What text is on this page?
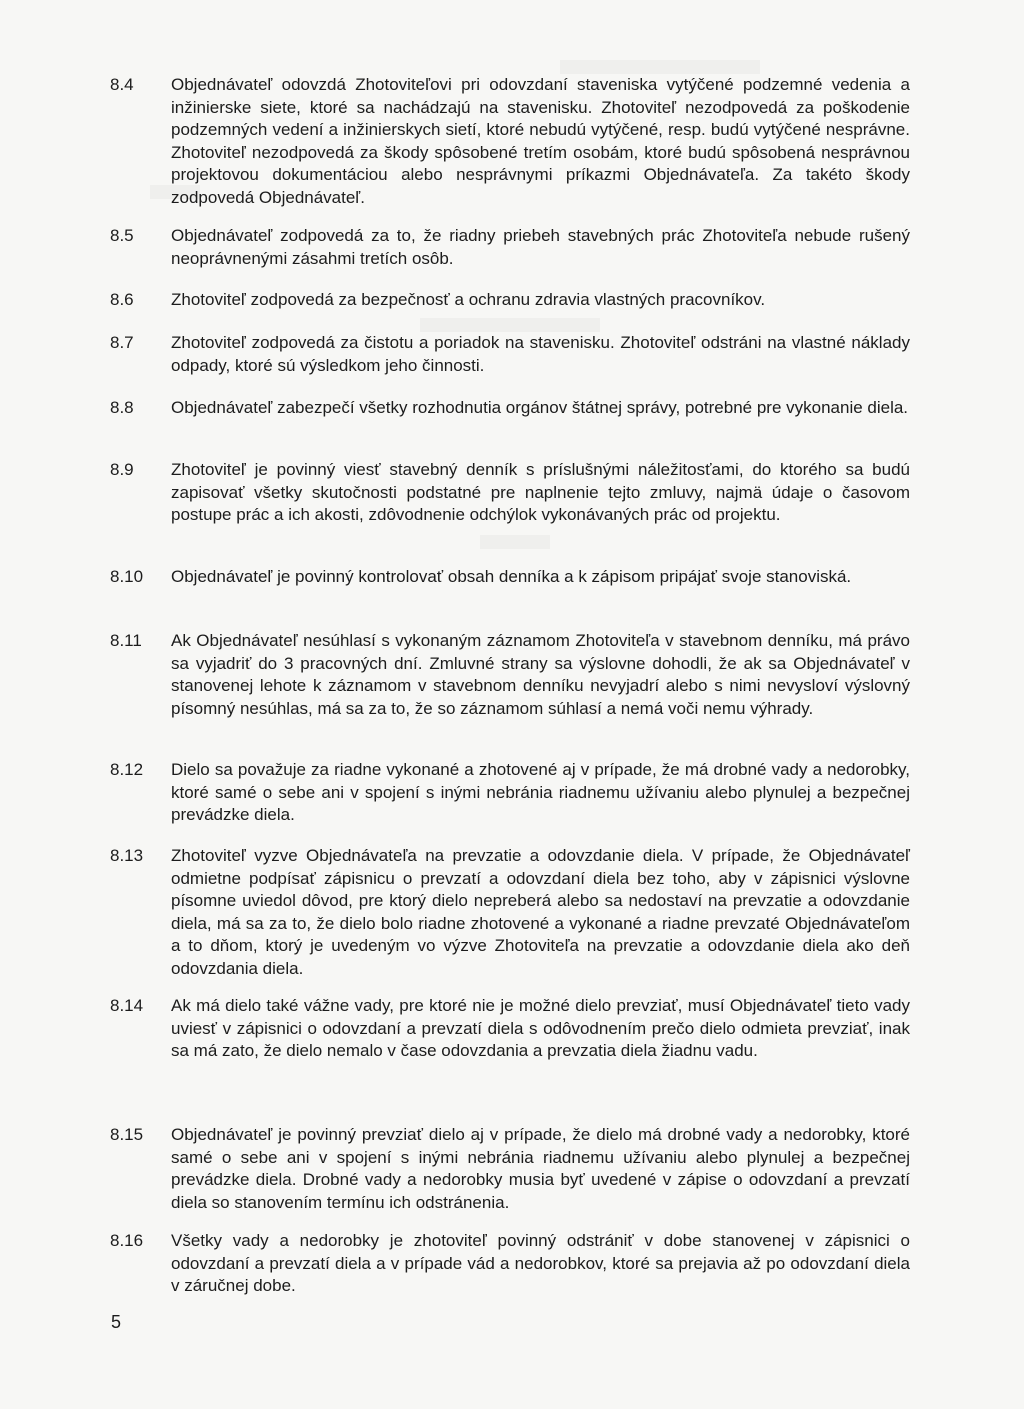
8.4	Objednávateľ odovzdá Zhotoviteľovi pri odovzdaní staveniska vytýčené podzemné vedenia a inžinierske siete, ktoré sa nachádzajú na stavenisku. Zhotoviteľ nezodpovedá za poškodenie podzemných vedení a inžinierskych sietí, ktoré nebudú vytýčené, resp. budú vytýčené nesprávne. Zhotoviteľ nezodpovedá za škody spôsobené tretím osobám, ktoré budú spôsobená nesprávnou projektovou dokumentáciou alebo nesprávnymi príkazmi Objednávateľa. Za takéto škody zodpovedá Objednávateľ.
8.5	Objednávateľ zodpovedá za to, že riadny priebeh stavebných prác Zhotoviteľa nebude rušený neoprávnenými zásahmi tretích osôb.
8.6	Zhotoviteľ zodpovedá za bezpečnosť a ochranu zdravia vlastných pracovníkov.
8.7	Zhotoviteľ zodpovedá za čistotu a poriadok na stavenisku. Zhotoviteľ odstráni na vlastné náklady odpady, ktoré sú výsledkom jeho činnosti.
8.8	Objednávateľ zabezpečí všetky rozhodnutia orgánov štátnej správy, potrebné pre vykonanie diela.
8.9	Zhotoviteľ je povinný viesť stavebný denník s príslušnými náležitosťami, do ktorého sa budú zapisovať všetky skutočnosti podstatné pre naplnenie tejto zmluvy, najmä údaje o časovom postupe prác a ich akosti, zdôvodnenie odchýlok vykonávaných prác od projektu.
8.10	Objednávateľ je povinný kontrolovať obsah denníka a k zápisom pripájať svoje stanoviská.
8.11	Ak Objednávateľ nesúhlasí s vykonaným záznamom Zhotoviteľa v stavebnom denníku, má právo sa vyjadriť do 3 pracovných dní. Zmluvné strany sa výslovne dohodli, že ak sa Objednávateľ v stanovenej lehote k záznamom v stavebnom denníku nevyjadrí alebo s nimi nevysloví výslovný písomný nesúhlas, má sa za to, že so záznamom súhlasí a nemá voči nemu výhrady.
8.12	Dielo sa považuje za riadne vykonané a zhotovené aj v prípade, že má drobné vady a nedorobky, ktoré samé o sebe ani v spojení s inými nebránia riadnemu užívaniu alebo plynulej a bezpečnej prevádzke diela.
8.13	Zhotoviteľ vyzve Objednávateľa na prevzatie a odovzdanie diela. V prípade, že Objednávateľ odmietne podpísať zápisnicu o prevzatí a odovzdaní diela bez toho, aby v zápisnici výslovne písomne uviedol dôvod, pre ktorý dielo nepreberá alebo sa nedostaví na prevzatie a odovzdanie diela, má sa za to, že dielo bolo riadne zhotovené a vykonané a riadne prevzaté Objednávateľom a to dňom, ktorý je uvedeným vo výzve Zhotoviteľa na prevzatie a odovzdanie diela ako deň odovzdania diela.
8.14	Ak má dielo také vážne vady, pre ktoré nie je možné dielo prevziať, musí Objednávateľ tieto vady uviesť v zápisnici o odovzdaní a prevzatí diela s odôvodnením prečo dielo odmieta prevziať, inak sa má zato, že dielo nemalo v čase odovzdania a prevzatia diela žiadnu vadu.
8.15	Objednávateľ je povinný prevziať dielo aj v prípade, že dielo má drobné vady a nedorobky, ktoré samé o sebe ani v spojení s inými nebránia riadnemu užívaniu alebo plynulej a bezpečnej prevádzke diela. Drobné vady a nedorobky musia byť uvedené v zápise o odovzdaní a prevzatí diela so stanovením termínu ich odstránenia.
8.16	Všetky vady a nedorobky je zhotoviteľ povinný odstrániť v dobe stanovenej v zápisnici o odovzdaní a prevzatí diela a v prípade vád a nedorobkov, ktoré sa prejavia až po odovzdaní diela v záručnej dobe.
5
